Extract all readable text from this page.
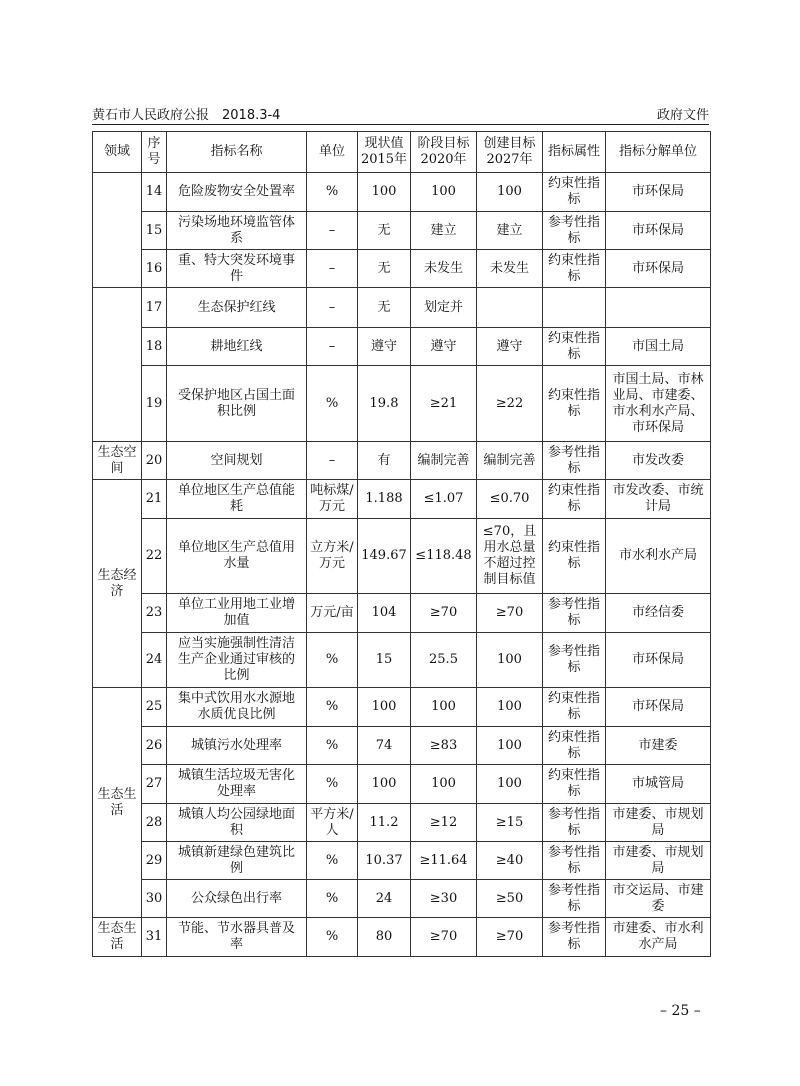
黄石市人民政府公报　2018.3-4	政府文件
领域	序号	指标名称	单位	现状值2015年	阶段目标2020年	创建目标2027年	指标属性	指标分解单位
	14	危险废物安全处置率	%	100	100	100	约束性指标	市环保局
	15	污染场地环境监管体系	–	无	建立	建立	参考性指标	市环保局
	16	重、特大突发环境事件	–	无	未发生	未发生	约束性指标	市环保局
	17	生态保护红线	–	无	划定并			
	18	耕地红线	–	遵守	遵守	遵守	约束性指标	市国土局
	19	受保护地区占国土面积比例	%	19.8	≥21	≥22	约束性指标	市国土局、市林业局、市建委、市水利水产局、市环保局
生态空间	20	空间规划	–	有	编制完善	编制完善	参考性指标	市发改委
生态经济	21	单位地区生产总值能耗	吨标煤/万元	1.188	≤1.07	≤0.70	约束性指标	市发改委、市统计局
	22	单位地区生产总值用水量	立方米/万元	149.67	≤118.48	≤70，且用水总量不超过控制目标值	约束性指标	市水利水产局
	23	单位工业用地工业增加值	万元/亩	104	≥70	≥70	参考性指标	市经信委
	24	应当实施强制性清洁生产企业通过审核的比例	%	15	25.5	100	参考性指标	市环保局
生态生活	25	集中式饮用水水源地水质优良比例	%	100	100	100	约束性指标	市环保局
	26	城镇污水处理率	%	74	≥83	100	约束性指标	市建委
	27	城镇生活垃圾无害化处理率	%	100	100	100	约束性指标	市城管局
	28	城镇人均公园绿地面积	平方米/人	11.2	≥12	≥15	参考性指标	市建委、市规划局
	29	城镇新建绿色建筑比例	%	10.37	≥11.64	≥40	参考性指标	市建委、市规划局
	30	公众绿色出行率	%	24	≥30	≥50	参考性指标	市交运局、市建委
生态生活	31	节能、节水器具普及率	%	80	≥70	≥70	参考性指标	市建委、市水利水产局
– 25 –
